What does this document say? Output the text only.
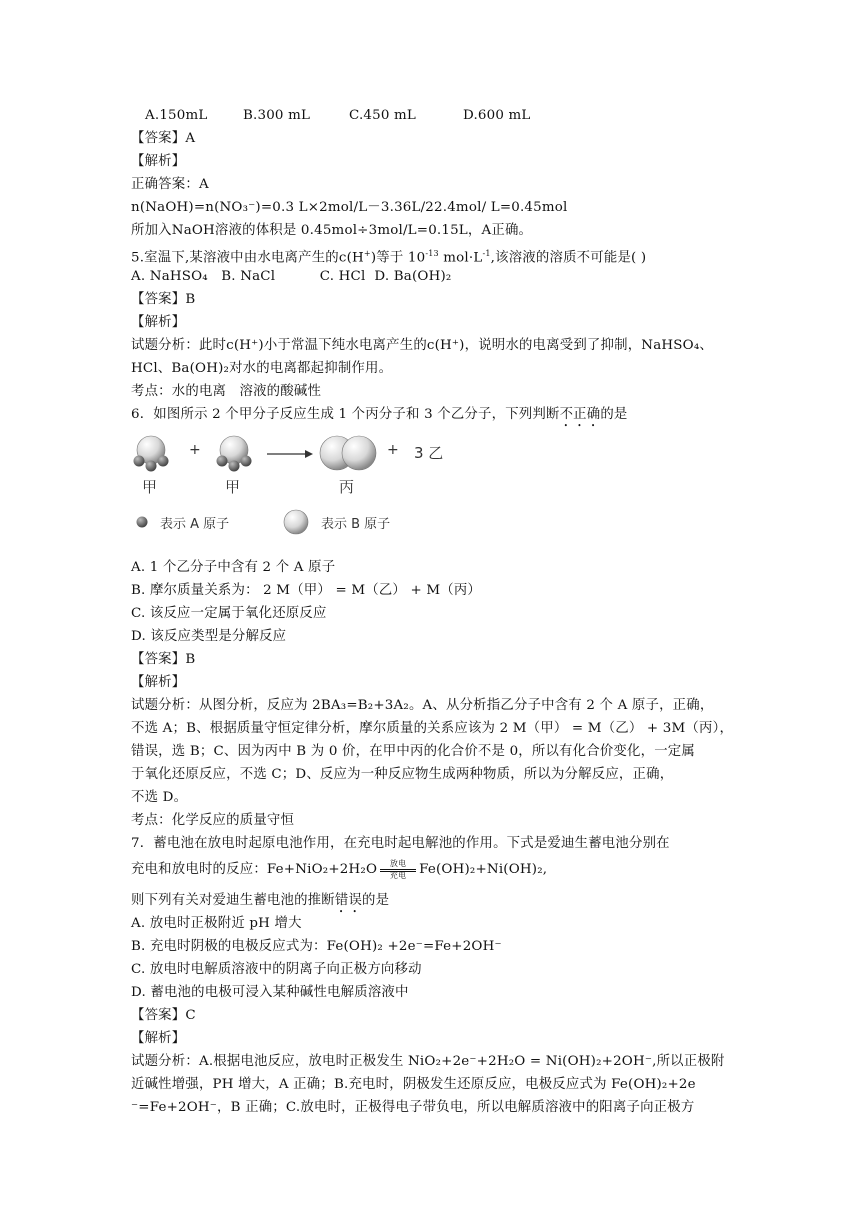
A.150mL	B.300 mL	C.450 mL	D.600 mL
【答案】A
【解析】
正确答案：A
n(NaOH)=n(NO₃⁻)=0.3 L×2mol/L－3.36L/22.4mol/ L=0.45mol
所加入NaOH溶液的体积是 0.45mol÷3mol/L=0.15L，A正确。
5.室温下,某溶液中由水电离产生的c(H+)等于 $10^{-13}$ $mol\cdot L^{-1}$,该溶液的溶质不可能是( )
A. NaHSO₄   B. NaCl          C. HCl  D. Ba(OH)₂
【答案】B
【解析】
试题分析：此时c(H⁺)小于常温下纯水电离产生的c(H⁺)，说明水的电离受到了抑制，NaHSO₄、
HCl、Ba(OH)₂对水的电离都起抑制作用。
考点：水的电离   溶液的酸碱性
6．如图所示 2 个甲分子反应生成 1 个丙分子和 3 个乙分子，下列判断不正确的是
+	+ 3 乙
甲	甲	丙
表示 A 原子	表示 B 原子
A. 1 个乙分子中含有 2 个 A 原子
B. 摩尔质量关系为： 2 M（甲） = M（乙） + M（丙）
C. 该反应一定属于氧化还原反应
D. 该反应类型是分解反应
【答案】B
【解析】
试题分析：从图分析，反应为 2BA₃=B₂+3A₂。A、从分析指乙分子中含有 2 个 A 原子，正确，
不选 A；B、根据质量守恒定律分析，摩尔质量的关系应该为 2 M（甲） = M（乙） + 3M（丙），
错误，选 B；C、因为丙中 B 为 0 价，在甲中丙的化合价不是 0，所以有化合价变化，一定属
于氧化还原反应，不选 C；D、反应为一种反应物生成两种物质，所以为分解反应，正确，
不选 D。
考点：化学反应的质量守恒
7．蓄电池在放电时起原电池作用，在充电时起电解池的作用。下式是爱迪生蓄电池分别在
充电和放电时的反应：Fe+NiO₂+2H₂O	放电
充电 Fe(OH)₂+Ni(OH)₂,
则下列有关对爱迪生蓄电池的推断错误的是
A. 放电时正极附近 pH 增大
B. 充电时阴极的电极反应式为：Fe(OH)₂ +2e⁻=Fe+2OH⁻
C. 放电时电解质溶液中的阴离子向正极方向移动
D. 蓄电池的电极可浸入某种碱性电解质溶液中
【答案】C
【解析】
试题分析：A.根据电池反应，放电时正极发生 NiO₂+2e⁻+2H₂O = Ni(OH)₂+2OH⁻,所以正极附
近碱性增强，PH 增大，A 正确；B.充电时，阴极发生还原反应，电极反应式为 Fe(OH)₂+2e
⁻=Fe+2OH⁻，B 正确；C.放电时，正极得电子带负电，所以电解质溶液中的阳离子向正极方
